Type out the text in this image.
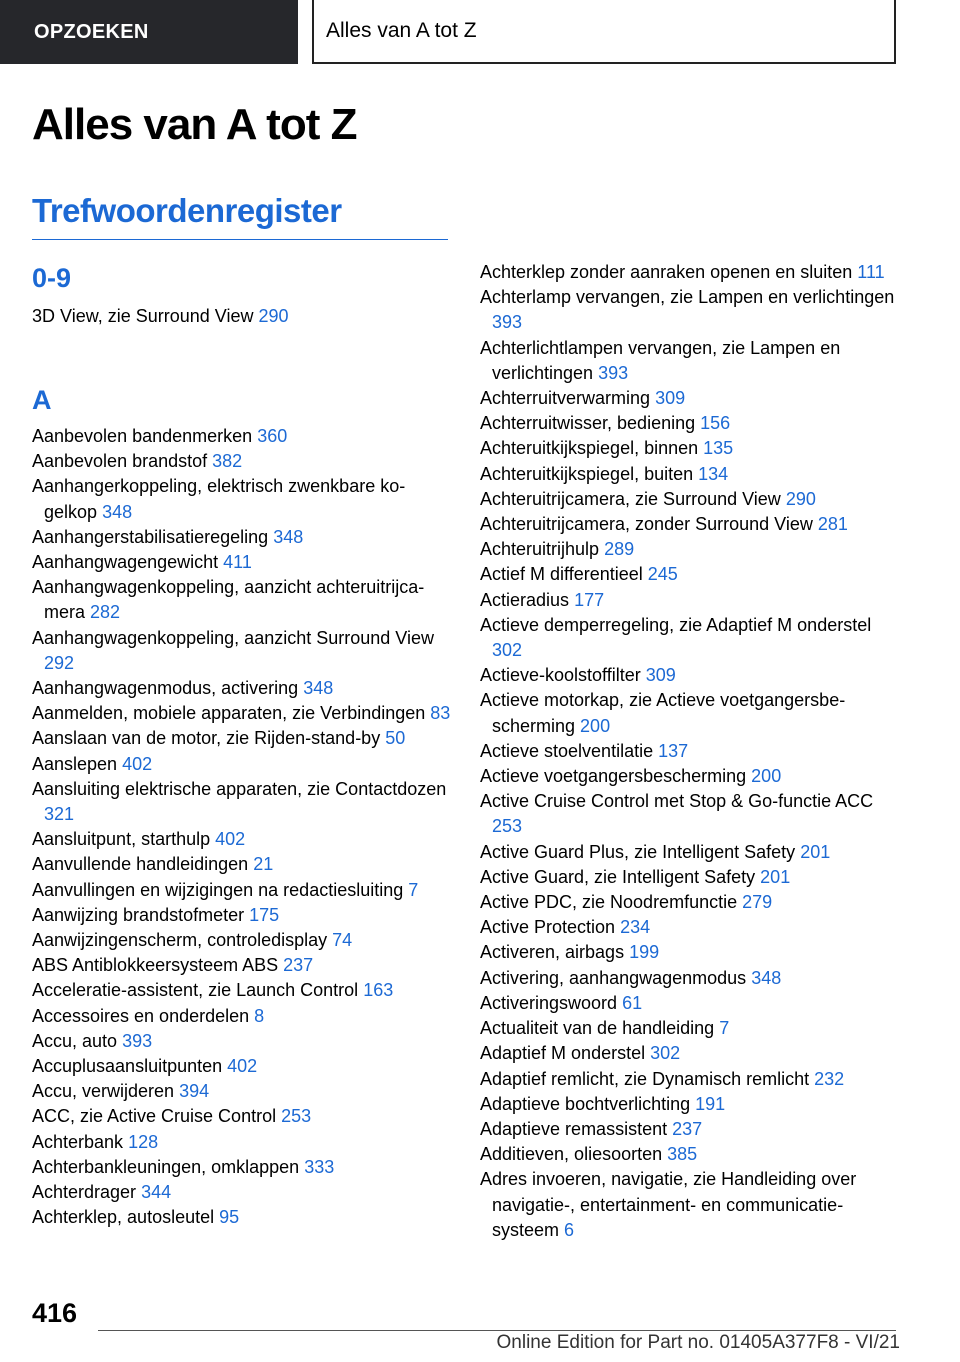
OPZOEKEN	Alles van A tot Z
Alles van A tot Z
Trefwoordenregister
0-9
3D View, zie Surround View 290
A
Aanbevolen bandenmerken 360
Aanbevolen brandstof 382
Aanhangerkoppeling, elektrisch zwenkbare kogelkop 348
Aanhangerstabilisatieregeling 348
Aanhangwagengewicht 411
Aanhangwagenkoppeling, aanzicht achteruitrijcamera 282
Aanhangwagenkoppeling, aanzicht Surround View 292
Aanhangwagenmodus, activering 348
Aanmelden, mobiele apparaten, zie Verbindingen 83
Aanslaan van de motor, zie Rijden-stand-by 50
Aanslepen 402
Aansluiting elektrische apparaten, zie Contactdozen 321
Aansluitpunt, starthulp 402
Aanvullende handleidingen 21
Aanvullingen en wijzigingen na redactiesluiting 7
Aanwijzing brandstofmeter 175
Aanwijzingenscherm, controledisplay 74
ABS Antiblokkeersysteem ABS 237
Acceleratie-assistent, zie Launch Control 163
Accessoires en onderdelen 8
Accu, auto 393
Accuplusaansluitpunten 402
Accu, verwijderen 394
ACC, zie Active Cruise Control 253
Achterbank 128
Achterbankleuningen, omklappen 333
Achterdrager 344
Achterklep, autosleutel 95
Achterklep zonder aanraken openen en sluiten 111
Achterlamp vervangen, zie Lampen en verlichtingen 393
Achterlichtlampen vervangen, zie Lampen en verlichtingen 393
Achterruitverwarming 309
Achterruitwisser, bediening 156
Achteruitkijkspiegel, binnen 135
Achteruitkijkspiegel, buiten 134
Achteruitrijcamera, zie Surround View 290
Achteruitrijcamera, zonder Surround View 281
Achteruitrijhulp 289
Actief M differentieel 245
Actieradius 177
Actieve demperregeling, zie Adaptief M onderstel 302
Actieve-koolstoffilter 309
Actieve motorkap, zie Actieve voetgangersbescherming 200
Actieve stoelventilatie 137
Actieve voetgangersbescherming 200
Active Cruise Control met Stop & Go-functie ACC 253
Active Guard Plus, zie Intelligent Safety 201
Active Guard, zie Intelligent Safety 201
Active PDC, zie Noodremfunctie 279
Active Protection 234
Activeren, airbags 199
Activering, aanhangwagenmodus 348
Activeringswoord 61
Actualiteit van de handleiding 7
Adaptief M onderstel 302
Adaptief remlicht, zie Dynamisch remlicht 232
Adaptieve bochtverlichting 191
Adaptieve remassistent 237
Additieven, oliesoorten 385
Adres invoeren, navigatie, zie Handleiding over navigatie-, entertainment- en communicatiesysteem 6
416
Online Edition for Part no. 01405A377F8 - VI/21
